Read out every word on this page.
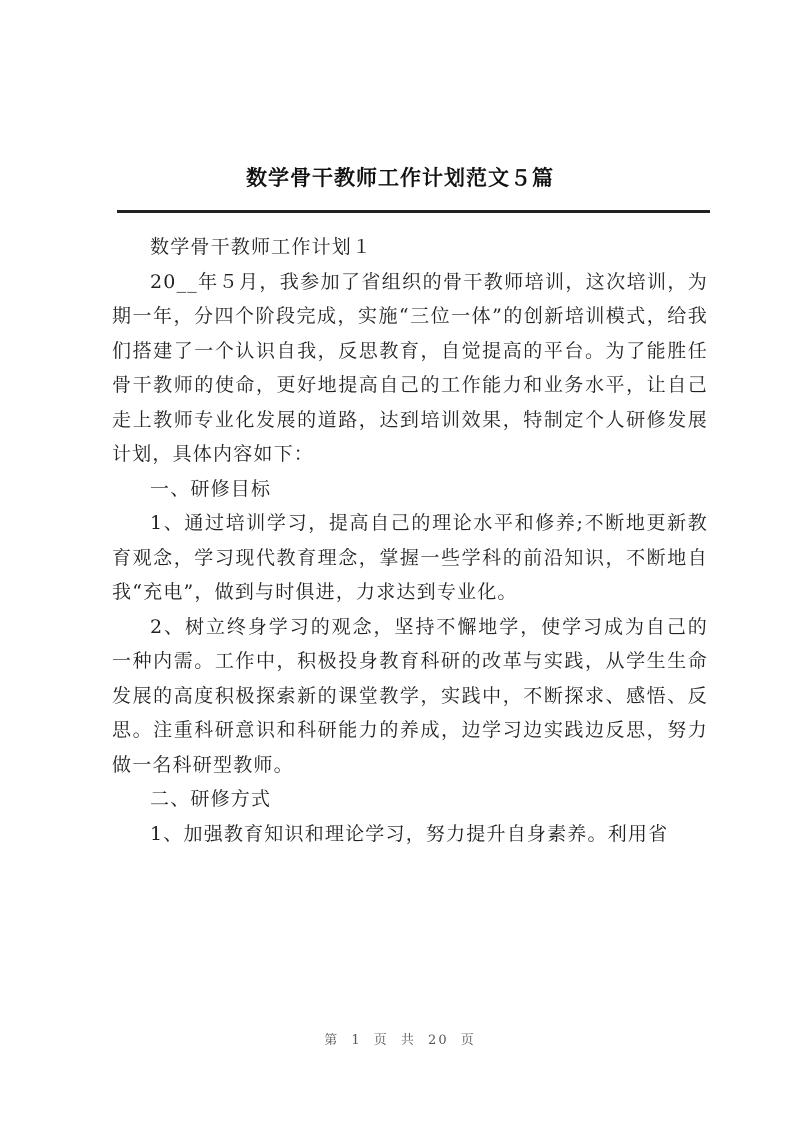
数学骨干教师工作计划范文５篇

数学骨干教师工作计划１

20__年５月，我参加了省组织的骨干教师培训，这次培训，为期一年，分四个阶段完成，实施“三位一体”的创新培训模式，给我们搭建了一个认识自我，反思教育，自觉提高的平台。为了能胜任骨干教师的使命，更好地提高自己的工作能力和业务水平，让自己走上教师专业化发展的道路，达到培训效果，特制定个人研修发展计划，具体内容如下：

一、研修目标

1、通过培训学习，提高自己的理论水平和修养;不断地更新教育观念，学习现代教育理念，掌握一些学科的前沿知识，不断地自我“充电”，做到与时俱进，力求达到专业化。

2、树立终身学习的观念，坚持不懈地学，使学习成为自己的一种内需。工作中，积极投身教育科研的改革与实践，从学生生命发展的高度积极探索新的课堂教学，实践中，不断探求、感悟、反思。注重科研意识和科研能力的养成，边学习边实践边反思，努力做一名科研型教师。

二、研修方式

1、加强教育知识和理论学习，努力提升自身素养。利用省

第 1 页 共 20 页
